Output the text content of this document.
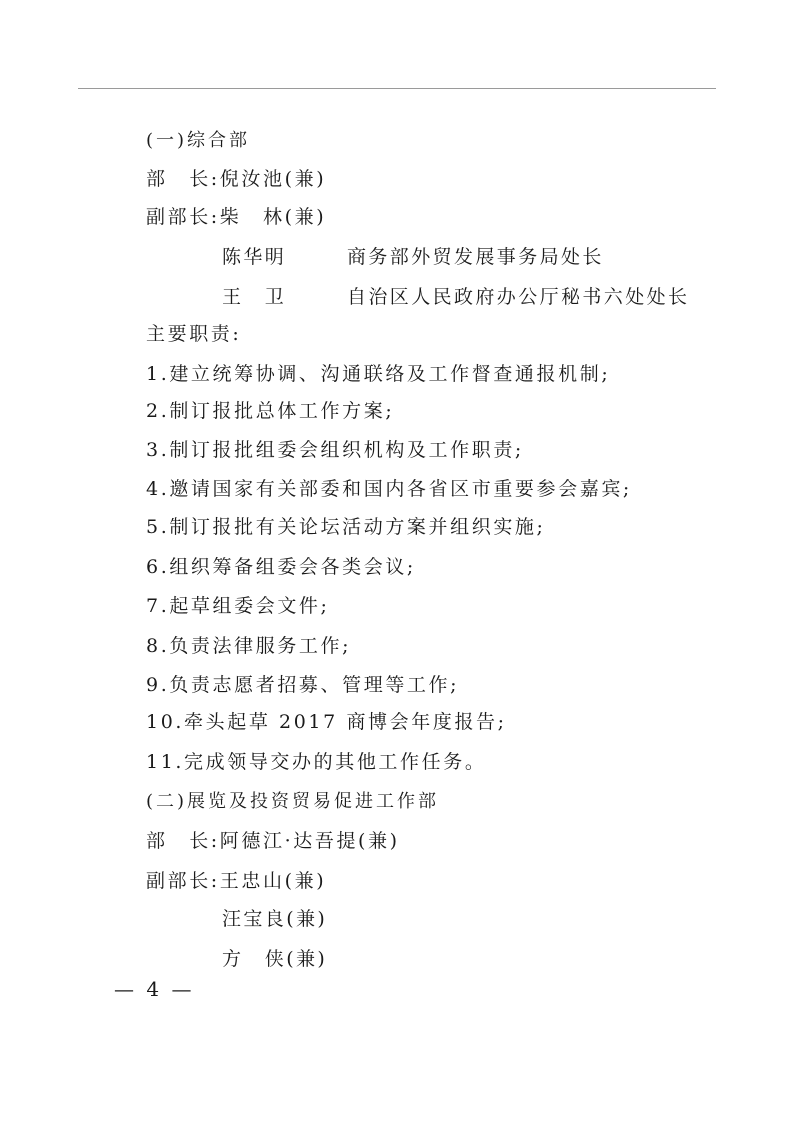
(一)综合部
部　长:倪汝池(兼)
副部长:柴　林(兼)
陈华明	商务部外贸发展事务局处长
王　卫	自治区人民政府办公厅秘书六处处长
主要职责:
1.建立统筹协调、沟通联络及工作督查通报机制;
2.制订报批总体工作方案;
3.制订报批组委会组织机构及工作职责;
4.邀请国家有关部委和国内各省区市重要参会嘉宾;
5.制订报批有关论坛活动方案并组织实施;
6.组织筹备组委会各类会议;
7.起草组委会文件;
8.负责法律服务工作;
9.负责志愿者招募、管理等工作;
10.牵头起草 2017 商博会年度报告;
11.完成领导交办的其他工作任务。
(二)展览及投资贸易促进工作部
部　长:阿德江·达吾提(兼)
副部长:王忠山(兼)
汪宝良(兼)
方　侠(兼)
— 4 —
